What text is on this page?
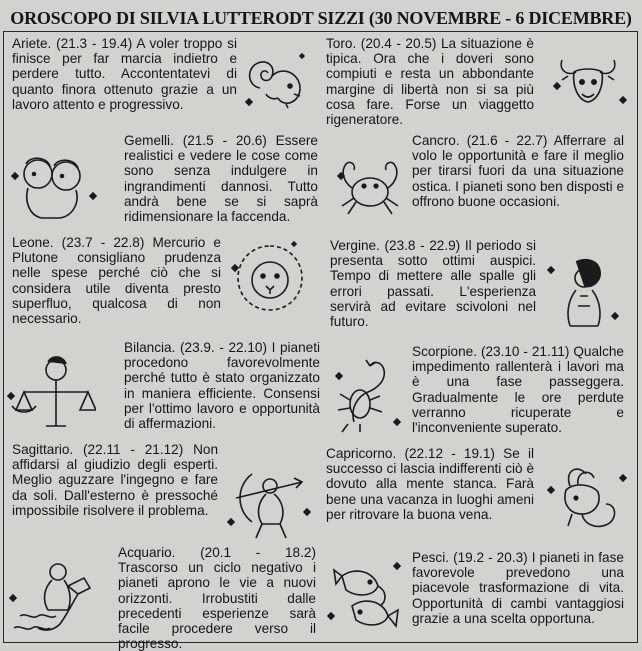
OROSCOPO DI SILVIA LUTTERODT SIZZI (30 NOVEMBRE - 6 DICEMBRE)

Ariete. (21.3 - 19.4) A voler troppo si finisce per far marcia indietro e perdere tutto. Accontentatevi di quanto finora ottenuto grazie a un lavoro attento e progressivo.

Toro. (20.4 - 20.5) La situazione è tipica. Ora che i doveri sono compiuti e resta un abbondante margine di libertà non si sa più cosa fare. Forse un viaggetto rigeneratore.

Gemelli. (21.5 - 20.6) Essere realistici e vedere le cose come sono senza indulgere in ingrandimenti dannosi. Tutto andrà bene se si saprà ridimensionare la faccenda.

Cancro. (21.6 - 22.7) Afferrare al volo le opportunità e fare il meglio per tirarsi fuori da una situazione ostica. I pianeti sono ben disposti e offrono buone occasioni.

Leone. (23.7 - 22.8) Mercurio e Plutone consigliano prudenza nelle spese perché ciò che si considera utile diventa presto superfluo, qualcosa di non necessario.

Vergine. (23.8 - 22.9) Il periodo si presenta sotto ottimi auspici. Tempo di mettere alle spalle gli errori passati. L'esperienza servirà ad evitare scivoloni nel futuro.

Bilancia. (23.9. - 22.10) I pianeti procedono favorevolmente perché tutto è stato organizzato in maniera efficiente. Consensi per l'ottimo lavoro e opportunità di affermazioni.

Scorpione. (23.10 - 21.11) Qualche impedimento rallenterà i lavori ma è una fase passeggera. Gradualmente le ore perdute verranno ricuperate e l'inconveniente superato.

Sagittario. (22.11 - 21.12) Non affidarsi al giudizio degli esperti. Meglio aguzzare l'ingegno e fare da soli. Dall'esterno è pressoché impossibile risolvere il problema.

Capricorno. (22.12 - 19.1) Se il successo ci lascia indifferenti ciò è dovuto alla mente stanca. Farà bene una vacanza in luoghi ameni per ritrovare la buona vena.

Acquario. (20.1 - 18.2) Trascorso un ciclo negativo i pianeti aprono le vie a nuovi orizzonti. Irrobustiti dalle precedenti esperienze sarà facile procedere verso il progresso.

Pesci. (19.2 - 20.3) I pianeti in fase favorevole prevedono una piacevole trasformazione di vita. Opportunità di cambi vantaggiosi grazie a una scelta opportuna.
